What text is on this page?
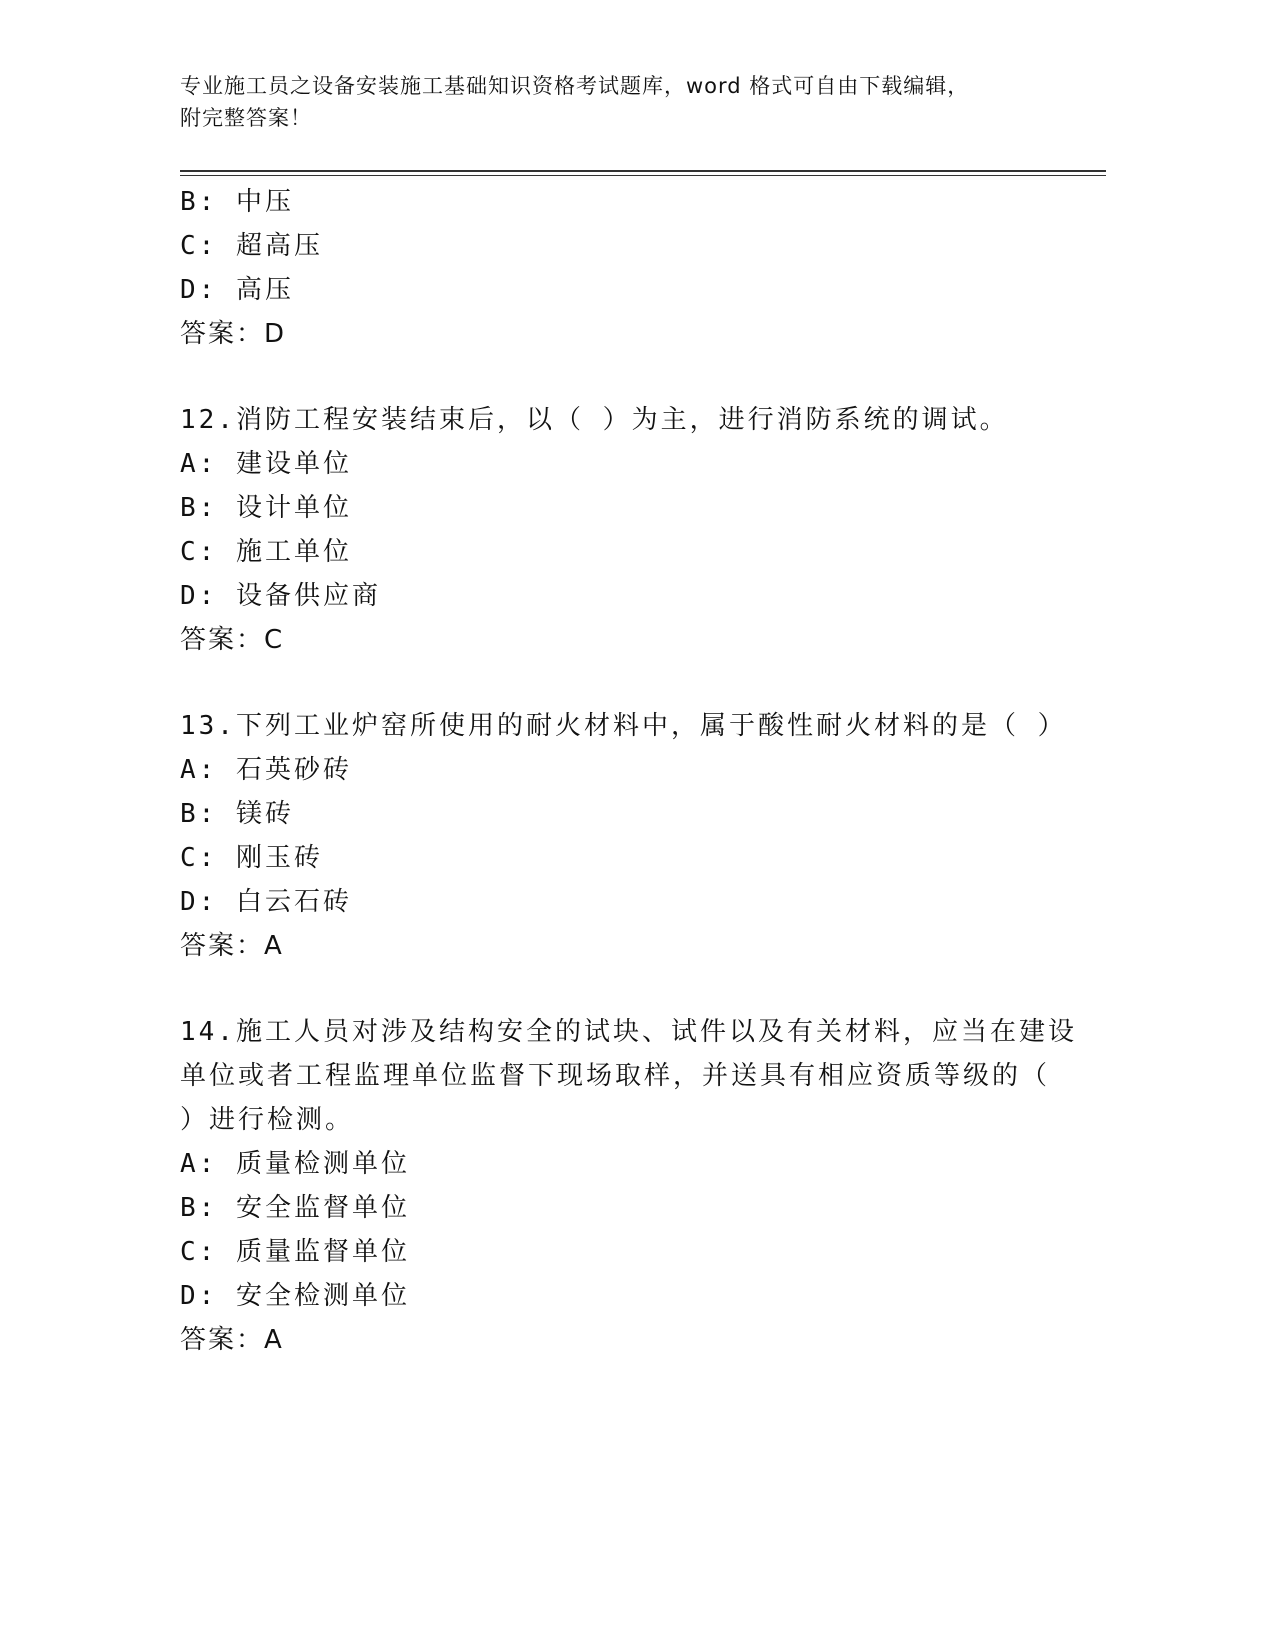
专业施工员之设备安装施工基础知识资格考试题库，word 格式可自由下载编辑，
附完整答案！
B: 中压
C: 超高压
D: 高压
答案：D
12.消防工程安装结束后，以（ ）为主，进行消防系统的调试。
A: 建设单位
B: 设计单位
C: 施工单位
D: 设备供应商
答案：C
13.下列工业炉窑所使用的耐火材料中，属于酸性耐火材料的是（ ）
A: 石英砂砖
B: 镁砖
C: 刚玉砖
D: 白云石砖
答案：A
14.施工人员对涉及结构安全的试块、试件以及有关材料，应当在建设
单位或者工程监理单位监督下现场取样，并送具有相应资质等级的（
）进行检测。
A: 质量检测单位
B: 安全监督单位
C: 质量监督单位
D: 安全检测单位
答案：A
